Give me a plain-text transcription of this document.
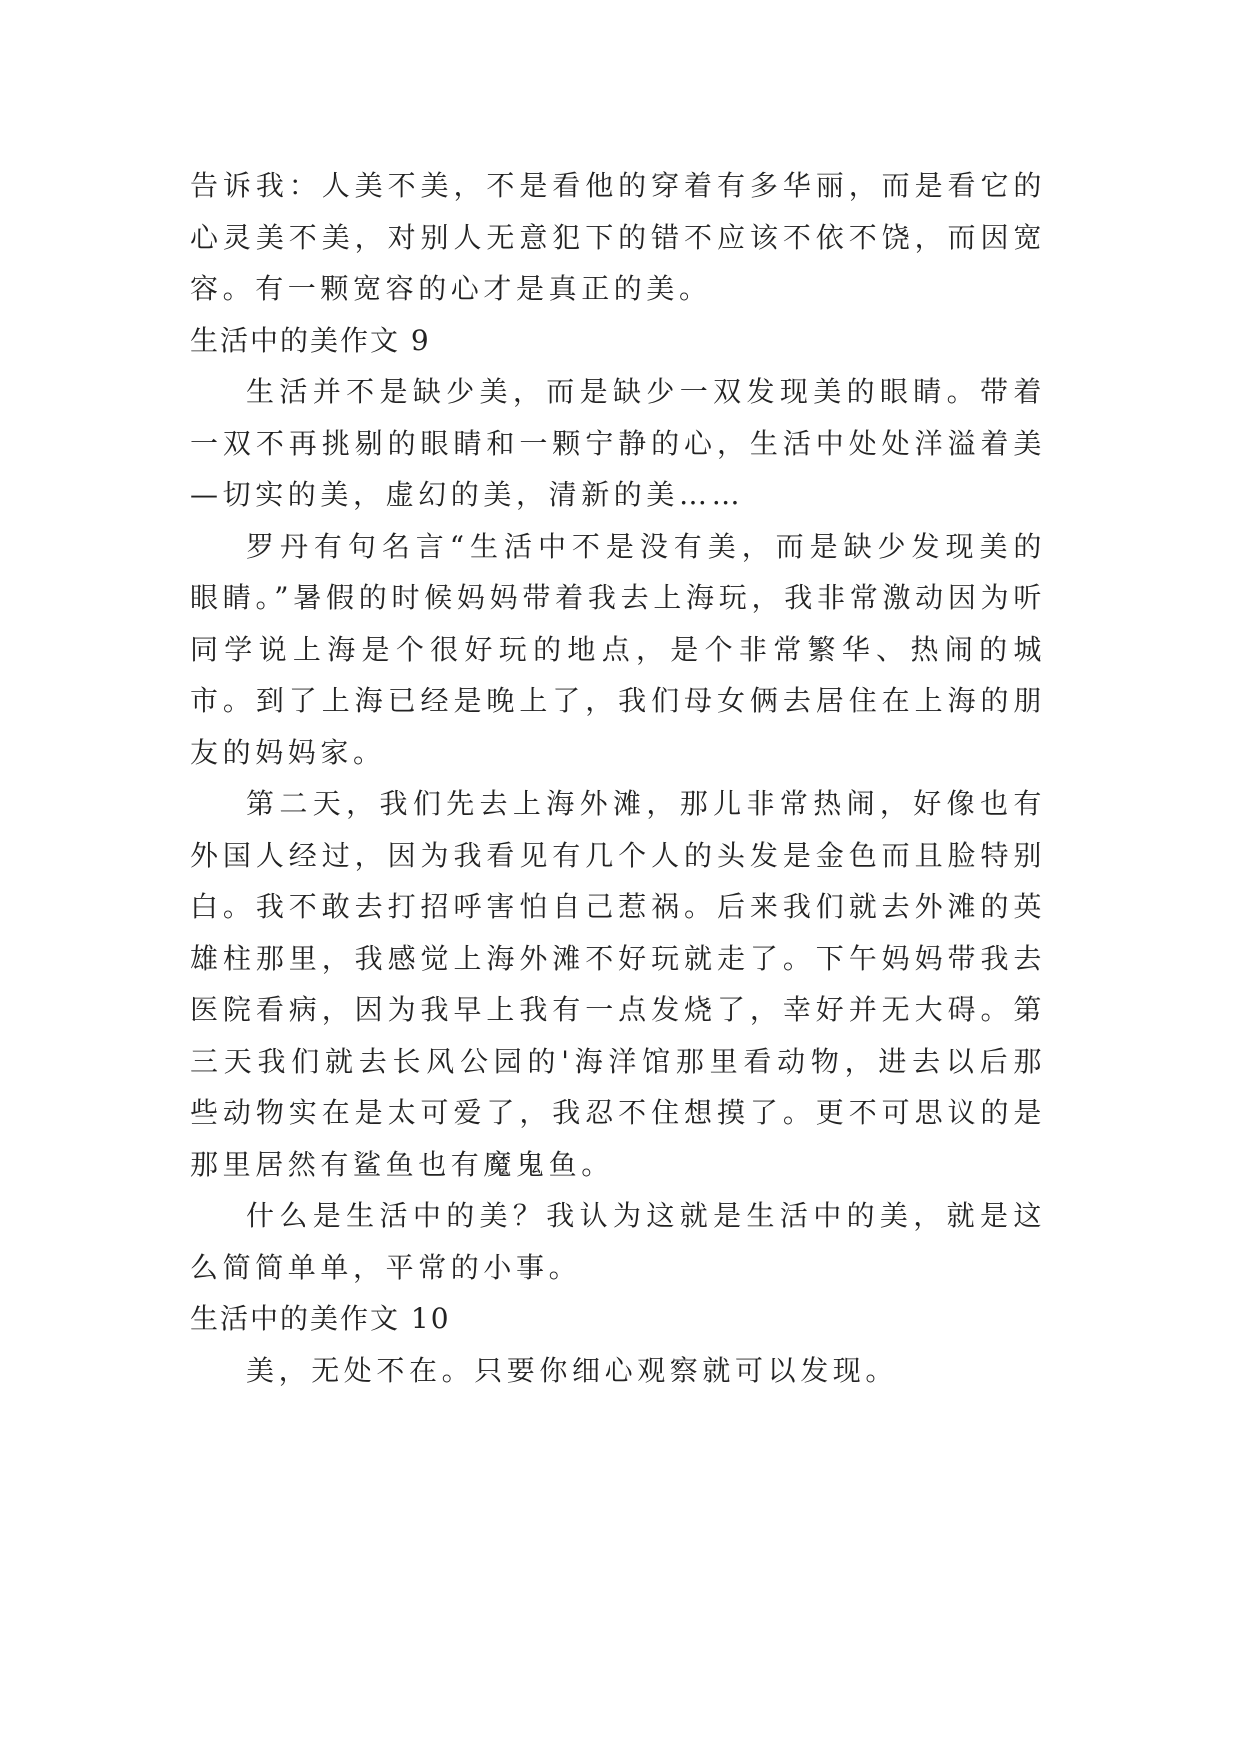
告诉我：人美不美，不是看他的穿着有多华丽，而是看它的心灵美不美，对别人无意犯下的错不应该不依不饶，而因宽容。有一颗宽容的心才是真正的美。

生活中的美作文 9

生活并不是缺少美，而是缺少一双发现美的眼睛。带着一双不再挑剔的眼睛和一颗宁静的心，生活中处处洋溢着美—切实的美，虚幻的美，清新的美……

罗丹有句名言“生活中不是没有美，而是缺少发现美的眼睛。”暑假的时候妈妈带着我去上海玩，我非常激动因为听同学说上海是个很好玩的地点，是个非常繁华、热闹的城市。到了上海已经是晚上了，我们母女俩去居住在上海的朋友的妈妈家。

第二天，我们先去上海外滩，那儿非常热闹，好像也有外国人经过，因为我看见有几个人的头发是金色而且脸特别白。我不敢去打招呼害怕自己惹祸。后来我们就去外滩的英雄柱那里，我感觉上海外滩不好玩就走了。下午妈妈带我去医院看病，因为我早上我有一点发烧了，幸好并无大碍。第三天我们就去长风公园的'海洋馆那里看动物，进去以后那些动物实在是太可爱了，我忍不住想摸了。更不可思议的是那里居然有鲨鱼也有魔鬼鱼。

什么是生活中的美？我认为这就是生活中的美，就是这么简简单单，平常的小事。

生活中的美作文 10

美，无处不在。只要你细心观察就可以发现。
